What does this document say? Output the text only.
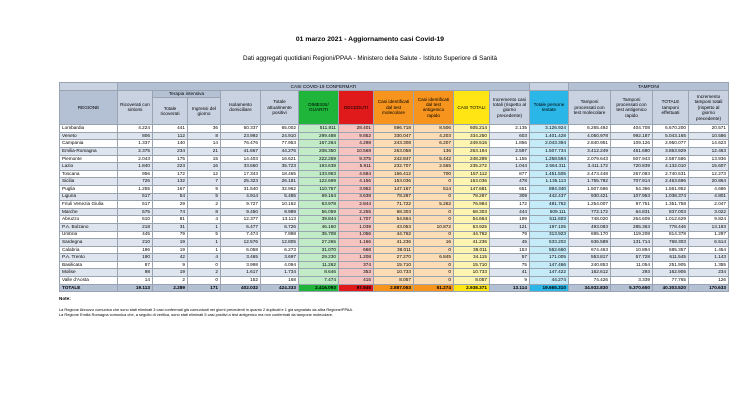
01 marzo 2021 - Aggiornamento casi Covid-19
Dati aggregati quotidiani Regioni/PPAA - Ministero della Salute - Istituto Superiore di Sanità
	CASI COVID-19 CONFERMATI												TAMPONI			
REGIONE	Ricoverati con sintomi	Terapia intensiva		Isolamento domiciliare	Totale attualmente positivi	DIMESSI/ GUARITI	DECEDUTI	Casi identificati dal test molecolare	Casi identificati dal test antigenico rapido	CASI TOTALI	Incremento casi totali (rispetto al giorno precedente)	Totale persone testate	Tamponi processati con test molecolare	Tamponi processati con test antigenico rapido	TOTALE tamponi effettuati	Incremento tamponi totali (rispetto al giorno precedente)
		Totale ricoverati	Ingressi del giorno													
Lombardia	4.224	441	36	60.337	65.002	511.811	28.401	596.718	8.506	605.214	2.135	3.126.924	6.265.492	404.708	6.670.200	20.571
Veneto	806	112	8	23.992	24.910	299.488	9.852	330.047	4.203	334.250	603	1.401.428	4.050.978	992.187	5.043.165	10.586
Campania	1.337	140	14	76.476	77.953	167.264	4.298	243.308	6.207	249.515	1.856	2.043.394	2.840.951	109.126	2.950.077	14.623
Emilia-Romagna	2.375	234	21	41.667	44.276	208.350	10.568	263.058	136	263.194	2.597	1.507.734	3.412.249	451.680	3.863.929	12.463
Piemonte	2.043	175	15	14.403	16.621	222.259	9.375	242.847	5.442	248.289	1.155	1.258.594	2.079.643	507.943	2.587.586	13.936
Lazio	1.840	223	16	33.660	35.723	193.638	5.911	232.707	2.565	235.272	1.044	2.564.311	3.411.172	720.839	4.132.010	15.607
Toscana	956	172	12	17.343	18.465	133.963	4.684	156.412	700	157.112	877	1.451.505	2.473.448	267.083	2.740.531	12.273
Sicilia	726	132	7	25.323	26.181	122.699	4.156	153.036	0	153.036	478	1.135.113	1.755.782	707.914	2.463.696	20.864
Puglia	1.255	167	9	31.540	32.962	110.767	3.952	147.167	514	147.681	651	894.340	1.507.586	54.366	1.561.952	4.686
Liguria	517	54	5	4.914	5.485	69.164	3.638	78.287	0	78.287	309	442.437	930.421	107.953	1.038.374	4.801
Friuli Venezia Giulia	517	29	2	9.727	10.162	63.978	2.844	71.722	5.262	76.984	172	481.762	1.254.007	97.751	1.351.758	2.047
Marche	575	74	8	9.450	9.989	56.059	2.255	68.303	0	68.303	444	509.111	772.172	64.831	837.003	3.022
Abruzzo	610	81	4	12.377	13.113	39.844	1.707	54.664	0	54.664	199	511.603	748.020	264.609	1.012.629	9.824
P.A. Bolzano	218	31	1	6.477	6.726	46.160	1.039	43.053	10.872	53.925	121	197.105	493.083	285.363	778.446	13.193
Umbria	445	79	5	7.474	7.998	35.708	1.056	44.762	0	44.762	79	313.923	695.170	119.208	814.378	1.297
Sardegna	210	19	1	12.576	12.805	27.265	1.166	41.236	16	41.236	45	533.202	636.589	131.714	768.303	6.514
Calabria	196	19	1	6.058	6.273	31.070	668	38.011	0	38.011	153	552.660	674.463	10.894	685.357	1.454
P.A. Trento	190	42	4	3.465	3.697	29.230	1.208	27.270	6.845	34.115	57	171.005	553.817	57.728	611.545	1.143
Basilicata	87	9	0	3.998	4.094	11.262	374	15.710	0	15.710	75	147.466	240.853	11.054	251.905	1.355
Molise	98	19	2	1.617	1.734	8.646	353	10.733	0	10.733	41	147.422	162.612	293	162.905	234
Valle d'Aosta	14	2	0	152	168	7.474	415	8.057	0	8.057	9	44.274	74.426	3.339	77.765	126
TOTALE	19.113	2.289	171	402.032	424.333	2.416.093	97.945	2.887.053	51.274	2.938.371	13.114	19.665.310	34.932.830	5.370.650	40.303.520	170.633
Note:
La Regione Abruzzo comunica che sono stati eliminati 3 casi confermati già comunicati nei giorni precedenti in quanto 2 duplicati e 1 già segnalato da altra Regione/PPAA.
La Regione Emilia Romagna comunica che, a seguito di verifica, sono stati eliminati 5 casi positivi a test antigenico ma non confermati da tampone molecolare.
